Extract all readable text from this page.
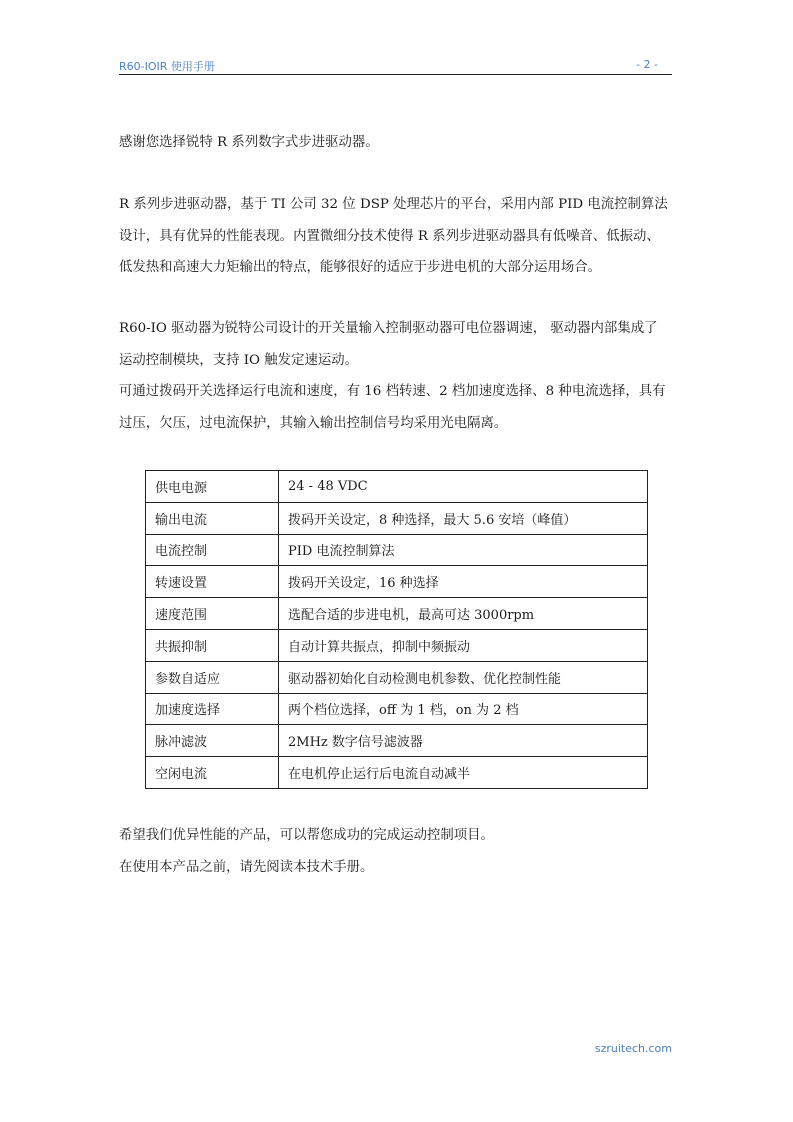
R60-IOIR 使用手册	- 2 -

感谢您选择锐特 R 系列数字式步进驱动器。

R 系列步进驱动器，基于 TI 公司 32 位 DSP 处理芯片的平台，采用内部 PID 电流控制算法
设计，具有优异的性能表现。内置微细分技术使得 R 系列步进驱动器具有低噪音、低振动、
低发热和高速大力矩输出的特点，能够很好的适应于步进电机的大部分运用场合。

R60-IO 驱动器为锐特公司设计的开关量输入控制驱动器可电位器调速， 驱动器内部集成了
运动控制模块，支持 IO 触发定速运动。
可通过拨码开关选择运行电流和速度，有 16 档转速、2 档加速度选择、8 种电流选择，具有
过压，欠压，过电流保护，其输入输出控制信号均采用光电隔离。

供电电源	24 - 48 VDC
输出电流	拨码开关设定，8 种选择，最大 5.6 安培（峰值）
电流控制	PID 电流控制算法
转速设置	拨码开关设定，16 种选择
速度范围	选配合适的步进电机，最高可达 3000rpm
共振抑制	自动计算共振点，抑制中频振动
参数自适应	驱动器初始化自动检测电机参数、优化控制性能
加速度选择	两个档位选择，off 为 1 档，on 为 2 档
脉冲滤波	2MHz 数字信号滤波器
空闲电流	在电机停止运行后电流自动减半

希望我们优异性能的产品，可以帮您成功的完成运动控制项目。
在使用本产品之前，请先阅读本技术手册。

szruitech.com
